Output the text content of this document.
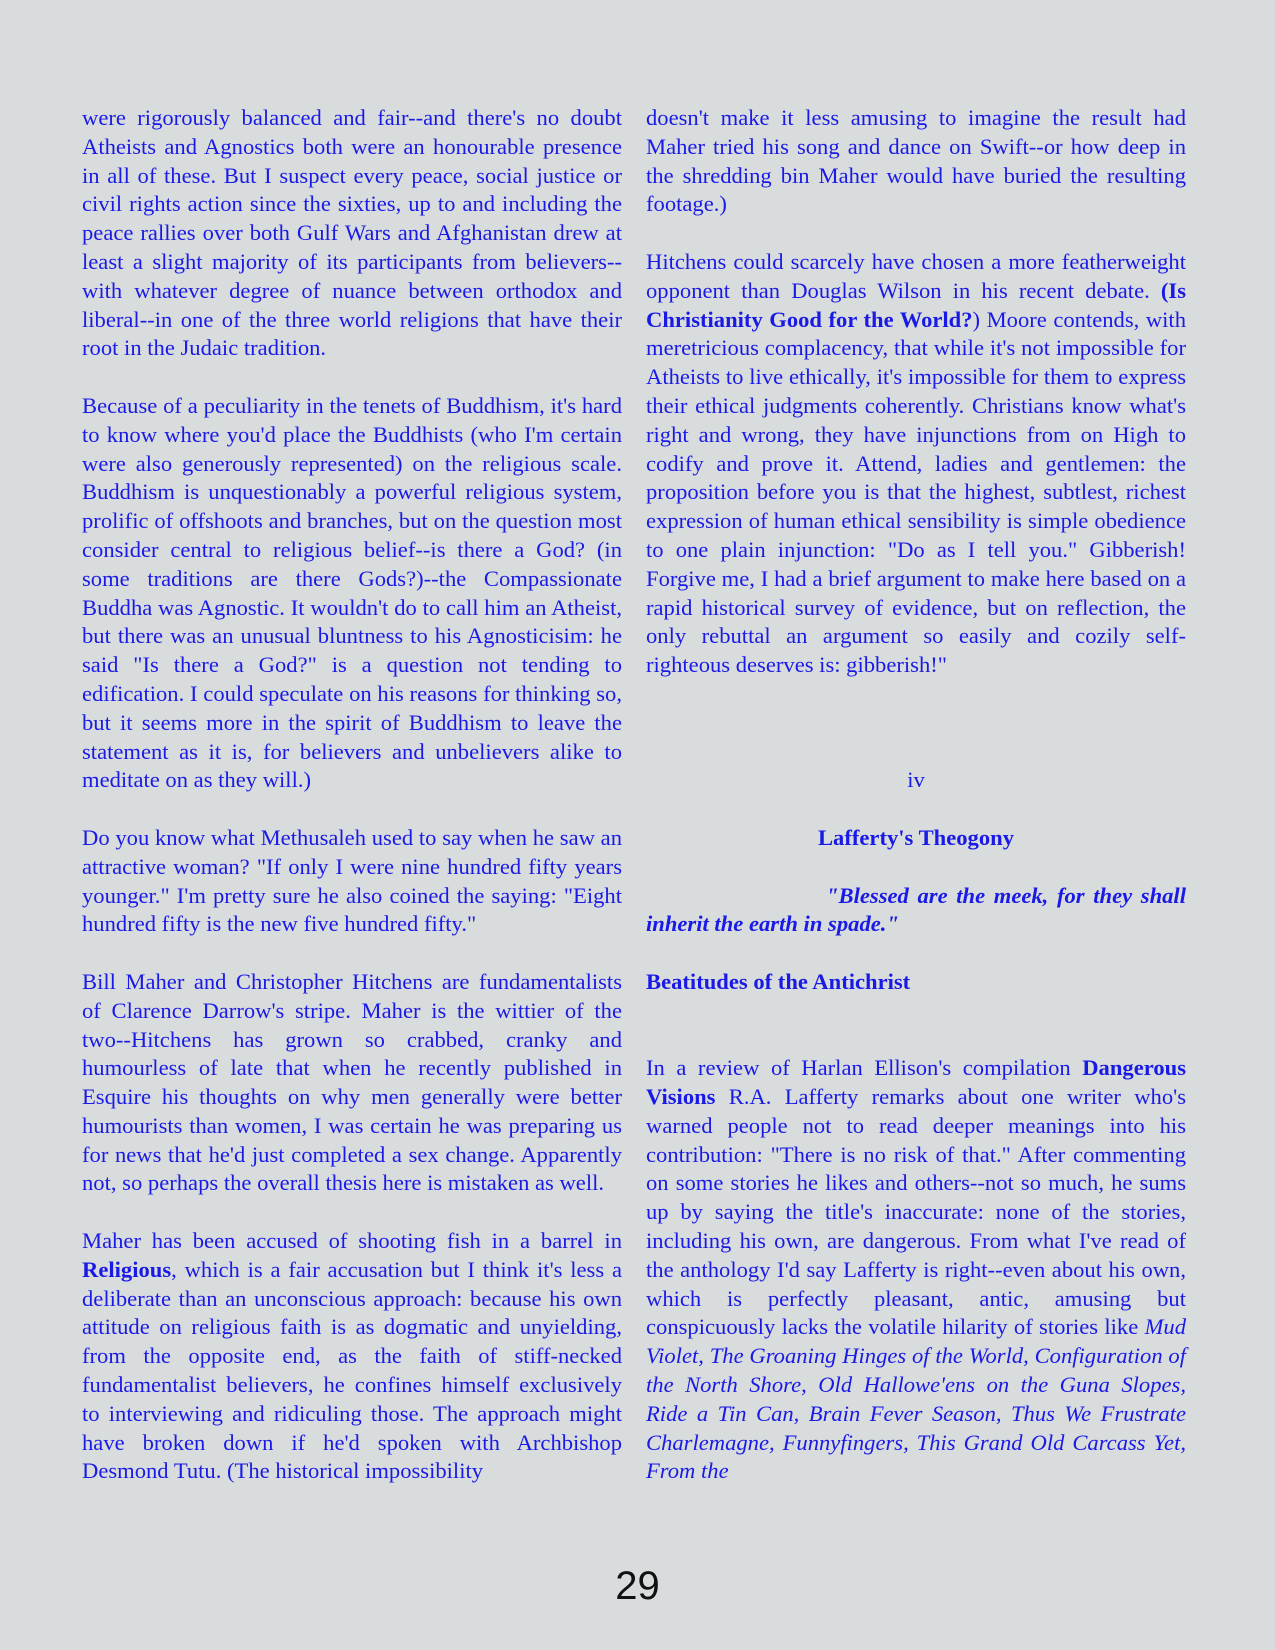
were rigorously balanced and fair--and there's no doubt Atheists and Agnostics both were an honourable presence in all of these. But I suspect every peace, social justice or civil rights action since the sixties, up to and including the peace rallies over both Gulf Wars and Afghanistan drew at least a slight majority of its participants from believers--with whatever degree of nuance between orthodox and liberal--in one of the three world religions that have their root in the Judaic tradition.

Because of a peculiarity in the tenets of Buddhism, it's hard to know where you'd place the Buddhists (who I'm certain were also generously represented) on the religious scale. Buddhism is unquestionably a powerful religious system, prolific of offshoots and branches, but on the question most consider central to religious belief--is there a God? (in some traditions are there Gods?)--the Compassionate Buddha was Agnostic. It wouldn't do to call him an Atheist, but there was an unusual bluntness to his Agnosticisim: he said "Is there a God?" is a question not tending to edification. I could speculate on his reasons for thinking so, but it seems more in the spirit of Buddhism to leave the statement as it is, for believers and unbelievers alike to meditate on as they will.)

Do you know what Methusaleh used to say when he saw an attractive woman? "If only I were nine hundred fifty years younger." I'm pretty sure he also coined the saying: "Eight hundred fifty is the new five hundred fifty."

Bill Maher and Christopher Hitchens are fundamentalists of Clarence Darrow's stripe. Maher is the wittier of the two--Hitchens has grown so crabbed, cranky and humourless of late that when he recently published in Esquire his thoughts on why men generally were better humourists than women, I was certain he was preparing us for news that he'd just completed a sex change. Apparently not, so perhaps the overall thesis here is mistaken as well.

Maher has been accused of shooting fish in a barrel in Religious, which is a fair accusation but I think it's less a deliberate than an unconscious approach: because his own attitude on religious faith is as dogmatic and unyielding, from the opposite end, as the faith of stiff-necked fundamentalist believers, he confines himself exclusively to interviewing and ridiculing those. The approach might have broken down if he'd spoken with Archbishop Desmond Tutu. (The historical impossibility

doesn't make it less amusing to imagine the result had Maher tried his song and dance on Swift--or how deep in the shredding bin Maher would have buried the resulting footage.)

Hitchens could scarcely have chosen a more featherweight opponent than Douglas Wilson in his recent debate. (Is Christianity Good for the World?) Moore contends, with meretricious complacency, that while it's not impossible for Atheists to live ethically, it's impossible for them to express their ethical judgments coherently. Christians know what's right and wrong, they have injunctions from on High to codify and prove it. Attend, ladies and gentlemen: the proposition before you is that the highest, subtlest, richest expression of human ethical sensibility is simple obedience to one plain injunction: "Do as I tell you." Gibberish! Forgive me, I had a brief argument to make here based on a rapid historical survey of evidence, but on reflection, the only rebuttal an argument so easily and cozily self-righteous deserves is: gibberish!"

iv

Lafferty's Theogony

"Blessed are the meek, for they shall inherit the earth in spade."

Beatitudes of the Antichrist

In a review of Harlan Ellison's compilation Dangerous Visions R.A. Lafferty remarks about one writer who's warned people not to read deeper meanings into his contribution: "There is no risk of that." After commenting on some stories he likes and others--not so much, he sums up by saying the title's inaccurate: none of the stories, including his own, are dangerous. From what I've read of the anthology I'd say Lafferty is right--even about his own, which is perfectly pleasant, antic, amusing but conspicuously lacks the volatile hilarity of stories like Mud Violet, The Groaning Hinges of the World, Configuration of the North Shore, Old Hallowe'ens on the Guna Slopes, Ride a Tin Can, Brain Fever Season, Thus We Frustrate Charlemagne, Funnyfingers, This Grand Old Carcass Yet, From the

29
